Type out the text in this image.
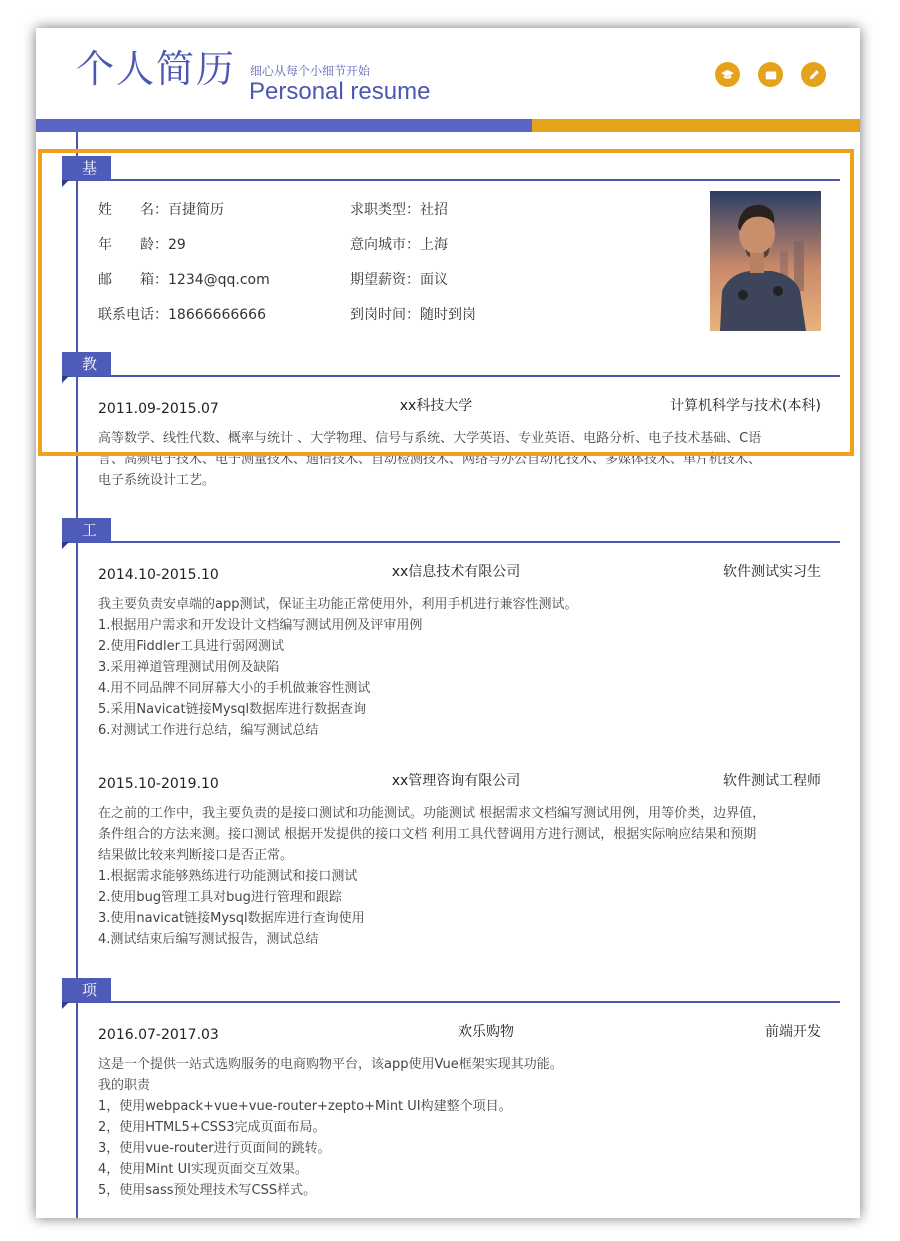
个人简历 细心从每个小细节开始
Personal resume
基本信息
姓　　名：百捷简历	求职类型：社招
年　　龄：29	意向城市：上海
邮　　箱：1234@qq.com	期望薪资：面议
联系电话：18666666666	到岗时间：随时到岗
教育背景
2011.09-2015.07	xx科技大学	计算机科学与技术(本科)
高等数学、线性代数、概率与统计 、大学物理、信号与系统、大学英语、专业英语、电路分析、电子技术基础、C语
言、高频电子技术、电子测量技术、通信技术、自动检测技术、网络与办公自动化技术、多媒体技术、单片机技术、
电子系统设计工艺。
工作经历
2014.10-2015.10	xx信息技术有限公司	软件测试实习生
我主要负责安卓端的app测试，保证主功能正常使用外，利用手机进行兼容性测试。
1.根据用户需求和开发设计文档编写测试用例及评审用例
2.使用Fiddler工具进行弱网测试
3.采用禅道管理测试用例及缺陷
4.用不同品牌不同屏幕大小的手机做兼容性测试
5.采用Navicat链接Mysql数据库进行数据查询
6.对测试工作进行总结，编写测试总结
2015.10-2019.10	xx管理咨询有限公司	软件测试工程师
在之前的工作中，我主要负责的是接口测试和功能测试。功能测试 根据需求文档编写测试用例，用等价类，边界值，
条件组合的方法来测。接口测试 根据开发提供的接口文档 利用工具代替调用方进行测试，根据实际响应结果和预期
结果做比较来判断接口是否正常。
1.根据需求能够熟练进行功能测试和接口测试
2.使用bug管理工具对bug进行管理和跟踪
3.使用navicat链接Mysql数据库进行查询使用
4.测试结束后编写测试报告，测试总结
项目经历
2016.07-2017.03	欢乐购物	前端开发
这是一个提供一站式选购服务的电商购物平台，该app使用Vue框架实现其功能。
我的职责
1，使用webpack+vue+vue-router+zepto+Mint UI构建整个项目。
2，使用HTML5+CSS3完成页面布局。
3，使用vue-router进行页面间的跳转。
4，使用Mint UI实现页面交互效果。
5，使用sass预处理技术写CSS样式。
